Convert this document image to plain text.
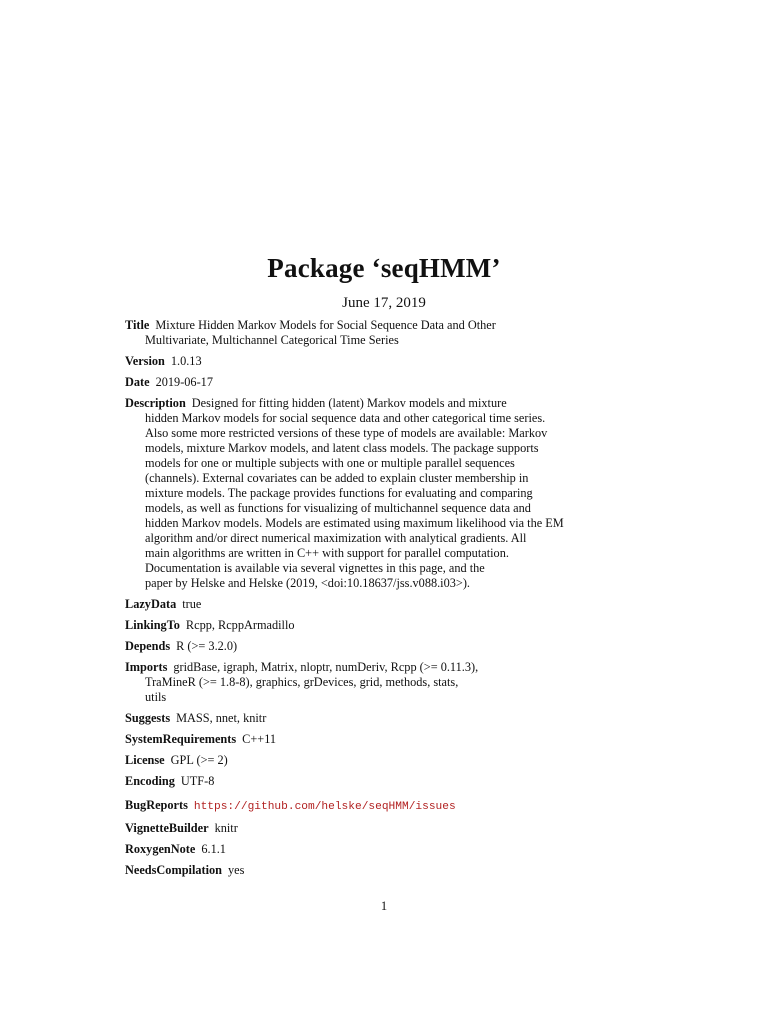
Package ‘seqHMM’
June 17, 2019
Title Mixture Hidden Markov Models for Social Sequence Data and Other
Multivariate, Multichannel Categorical Time Series
Version 1.0.13
Date 2019-06-17
Description Designed for fitting hidden (latent) Markov models and mixture
hidden Markov models for social sequence data and other categorical time series.
Also some more restricted versions of these type of models are available: Markov
models, mixture Markov models, and latent class models. The package supports
models for one or multiple subjects with one or multiple parallel sequences
(channels). External covariates can be added to explain cluster membership in
mixture models. The package provides functions for evaluating and comparing
models, as well as functions for visualizing of multichannel sequence data and
hidden Markov models. Models are estimated using maximum likelihood via the EM
algorithm and/or direct numerical maximization with analytical gradients. All
main algorithms are written in C++ with support for parallel computation.
Documentation is available via several vignettes in this page, and the
paper by Helske and Helske (2019, <doi:10.18637/jss.v088.i03>).
LazyData true
LinkingTo Rcpp, RcppArmadillo
Depends R (>= 3.2.0)
Imports gridBase, igraph, Matrix, nloptr, numDeriv, Rcpp (>= 0.11.3),
TraMineR (>= 1.8-8), graphics, grDevices, grid, methods, stats,
utils
Suggests MASS, nnet, knitr
SystemRequirements C++11
License GPL (>= 2)
Encoding UTF-8
BugReports https://github.com/helske/seqHMM/issues
VignetteBuilder knitr
RoxygenNote 6.1.1
NeedsCompilation yes
1
